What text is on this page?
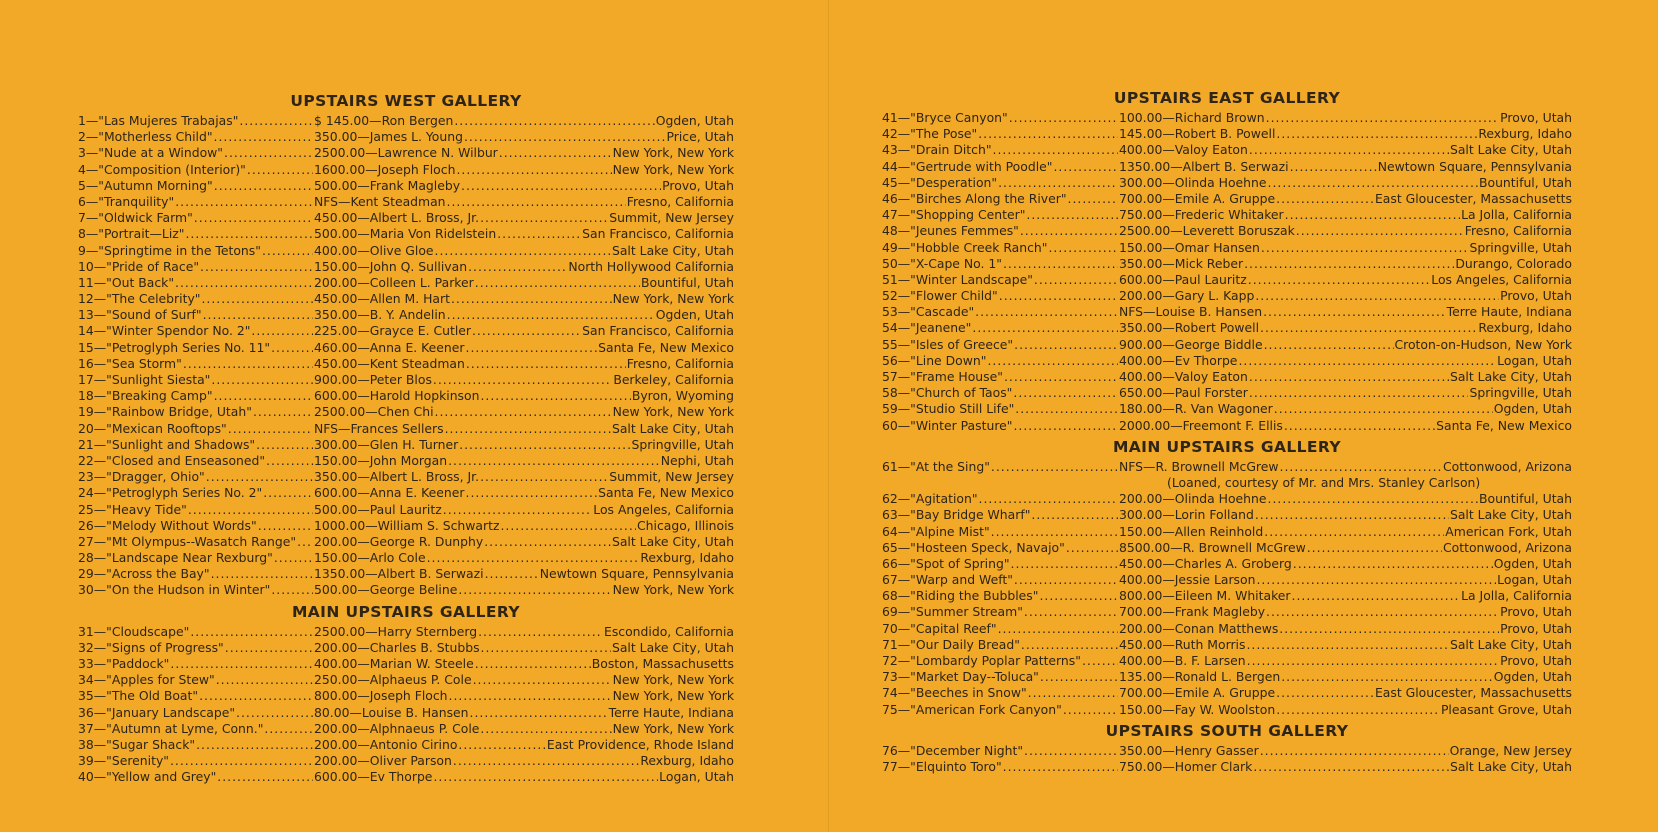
UPSTAIRS WEST GALLERY
1—"Las Mujeres Trabajas" .....	$ 145.00— Ron Bergen .....	Ogden, Utah
2—"Motherless Child" .....	350.00— James L. Young .....	Price, Utah
3—"Nude at a Window" .....	2500.00— Lawrence N. Wilbur .....	New York, New York
4—"Composition (Interior)" .....	1600.00— Joseph Floch .....	New York, New York
5—"Autumn Morning" .....	500.00— Frank Magleby .....	Provo, Utah
6—"Tranquility" .....	NFS— Kent Steadman .....	Fresno, California
7—"Oldwick Farm" .....	450.00— Albert L. Bross, Jr. .....	Summit, New Jersey
8—"Portrait—Liz" .....	500.00— Maria Von Ridelstein .....	San Francisco, California
9—"Springtime in the Tetons" .....	400.00— Olive Gloe .....	Salt Lake City, Utah
10—"Pride of Race" .....	150.00— John Q. Sullivan .....	North Hollywood California
11—"Out Back" .....	200.00— Colleen L. Parker .....	Bountiful, Utah
12—"The Celebrity" .....	450.00— Allen M. Hart .....	New York, New York
13—"Sound of Surf" .....	350.00— B. Y. Andelin .....	Ogden, Utah
14—"Winter Spendor No. 2" .....	225.00— Grayce E. Cutler .....	San Francisco, California
15—"Petroglyph Series No. 11" .....	460.00— Anna E. Keener .....	Santa Fe, New Mexico
16—"Sea Storm" .....	450.00— Kent Steadman .....	Fresno, California
17—"Sunlight Siesta" .....	900.00— Peter Blos .....	Berkeley, California
18—"Breaking Camp" .....	600.00— Harold Hopkinson .....	Byron, Wyoming
19—"Rainbow Bridge, Utah" .....	2500.00— Chen Chi .....	New York, New York
20—"Mexican Rooftops" .....	NFS— Frances Sellers .....	Salt Lake City, Utah
21—"Sunlight and Shadows" .....	300.00— Glen H. Turner .....	Springville, Utah
22—"Closed and Enseasoned" .....	150.00— John Morgan .....	Nephi, Utah
23—"Dragger, Ohio" .....	350.00— Albert L. Bross, Jr. .....	Summit, New Jersey
24—"Petroglyph Series No. 2" .....	600.00— Anna E. Keener .....	Santa Fe, New Mexico
25—"Heavy Tide" .....	500.00— Paul Lauritz .....	Los Angeles, California
26—"Melody Without Words" .....	1000.00— William S. Schwartz .....	Chicago, Illinois
27—"Mt Olympus--Wasatch Range" ..... 200.00— George R. Dunphy .....	Salt Lake City, Utah
28—"Landscape Near Rexburg" .....	150.00— Arlo Cole .....	Rexburg, Idaho
29—"Across the Bay" .....	1350.00— Albert B. Serwazi .....	Newtown Square, Pennsylvania
30—"On the Hudson in Winter" .....	500.00— George Beline .....	New York, New York
MAIN UPSTAIRS GALLERY
31—"Cloudscape" .....	2500.00— Harry Sternberg .....	Escondido, California
32—"Signs of Progress" .....	200.00— Charles B. Stubbs .....	Salt Lake City, Utah
33—"Paddock" .....	400.00— Marian W. Steele .....	Boston, Massachusetts
34—"Apples for Stew" .....	250.00— Alphaeus P. Cole .....	New York, New York
35—"The Old Boat" .....	800.00— Joseph Floch .....	New York, New York
36—"January Landscape" .....	80.00— Louise B. Hansen .....	Terre Haute, Indiana
37—"Autumn at Lyme, Conn." .....	200.00— Alphnaeus P. Cole .....	New York, New York
38—"Sugar Shack" .....	200.00— Antonio Cirino .....	East Providence, Rhode Island
39—"Serenity" .....	200.00— Oliver Parson .....	Rexburg, Idaho
40—"Yellow and Grey" .....	600.00— Ev Thorpe .....	Logan, Utah
UPSTAIRS EAST GALLERY
41—"Bryce Canyon" .....	100.00— Richard Brown .....	Provo, Utah
42—"The Pose" .....	145.00— Robert B. Powell .....	Rexburg, Idaho
43—"Drain Ditch" .....	400.00— Valoy Eaton .....	Salt Lake City, Utah
44—"Gertrude with Poodle" .....	1350.00— Albert B. Serwazi .....	Newtown Square, Pennsylvania
45—"Desperation" .....	300.00— Olinda Hoehne .....	Bountiful, Utah
46—"Birches Along the River" .....	700.00— Emile A. Gruppe .....	East Gloucester, Massachusetts
47—"Shopping Center" .....	750.00— Frederic Whitaker .....	La Jolla, California
48—"Jeunes Femmes" .....	2500.00— Leverett Boruszak .....	Fresno, California
49—"Hobble Creek Ranch" .....	150.00— Omar Hansen .....	Springville, Utah
50—"X-Cape No. 1" .....	350.00— Mick Reber .....	Durango, Colorado
51—"Winter Landscape" .....	600.00— Paul Lauritz .....	Los Angeles, California
52—"Flower Child" .....	200.00— Gary L. Kapp .....	Provo, Utah
53—"Cascade" .....	NFS— Louise B. Hansen .....	Terre Haute, Indiana
54—"Jeanene" .....	350.00— Robert Powell .....	Rexburg, Idaho
55—"Isles of Greece" .....	900.00— George Biddle .....	Croton-on-Hudson, New York
56—"Line Down" .....	400.00— Ev Thorpe .....	Logan, Utah
57—"Frame House" .....	400.00— Valoy Eaton .....	Salt Lake City, Utah
58—"Church of Taos" .....	650.00— Paul Forster .....	Springville, Utah
59—"Studio Still Life" .....	180.00— R. Van Wagoner .....	Ogden, Utah
60—"Winter Pasture" .....	2000.00— Freemont F. Ellis .....	Santa Fe, New Mexico
MAIN UPSTAIRS GALLERY
61—"At the Sing" .....	NFS— R. Brownell McGrew .....	Cottonwood, Arizona
(Loaned, courtesy of Mr. and Mrs. Stanley Carlson)
62—"Agitation" .....	200.00— Olinda Hoehne .....	Bountiful, Utah
63—"Bay Bridge Wharf" .....	300.00— Lorin Folland .....	Salt Lake City, Utah
64—"Alpine Mist" .....	150.00— Allen Reinhold .....	American Fork, Utah
65—"Hosteen Speck, Navajo" .....	8500.00— R. Brownell McGrew .....	Cottonwood, Arizona
66—"Spot of Spring" .....	450.00— Charles A. Groberg .....	Ogden, Utah
67—"Warp and Weft" .....	400.00— Jessie Larson .....	Logan, Utah
68—"Riding the Bubbles" .....	800.00— Eileen M. Whitaker .....	La Jolla, California
69—"Summer Stream" .....	700.00— Frank Magleby .....	Provo, Utah
70—"Capital Reef" .....	200.00— Conan Matthews .....	Provo, Utah
71—"Our Daily Bread" .....	450.00— Ruth Morris .....	Salt Lake City, Utah
72—"Lombardy Poplar Patterns" .....	400.00— B. F. Larsen .....	Provo, Utah
73—"Market Day--Toluca" .....	135.00— Ronald L. Bergen .....	Ogden, Utah
74—"Beeches in Snow" .....	700.00— Emile A. Gruppe .....	East Gloucester, Massachusetts
75—"American Fork Canyon" .....	150.00— Fay W. Woolston .....	Pleasant Grove, Utah
UPSTAIRS SOUTH GALLERY
76—"December Night" .....	350.00— Henry Gasser .....	Orange, New Jersey
77—"Elquinto Toro" .....	750.00— Homer Clark .....	Salt Lake City, Utah
